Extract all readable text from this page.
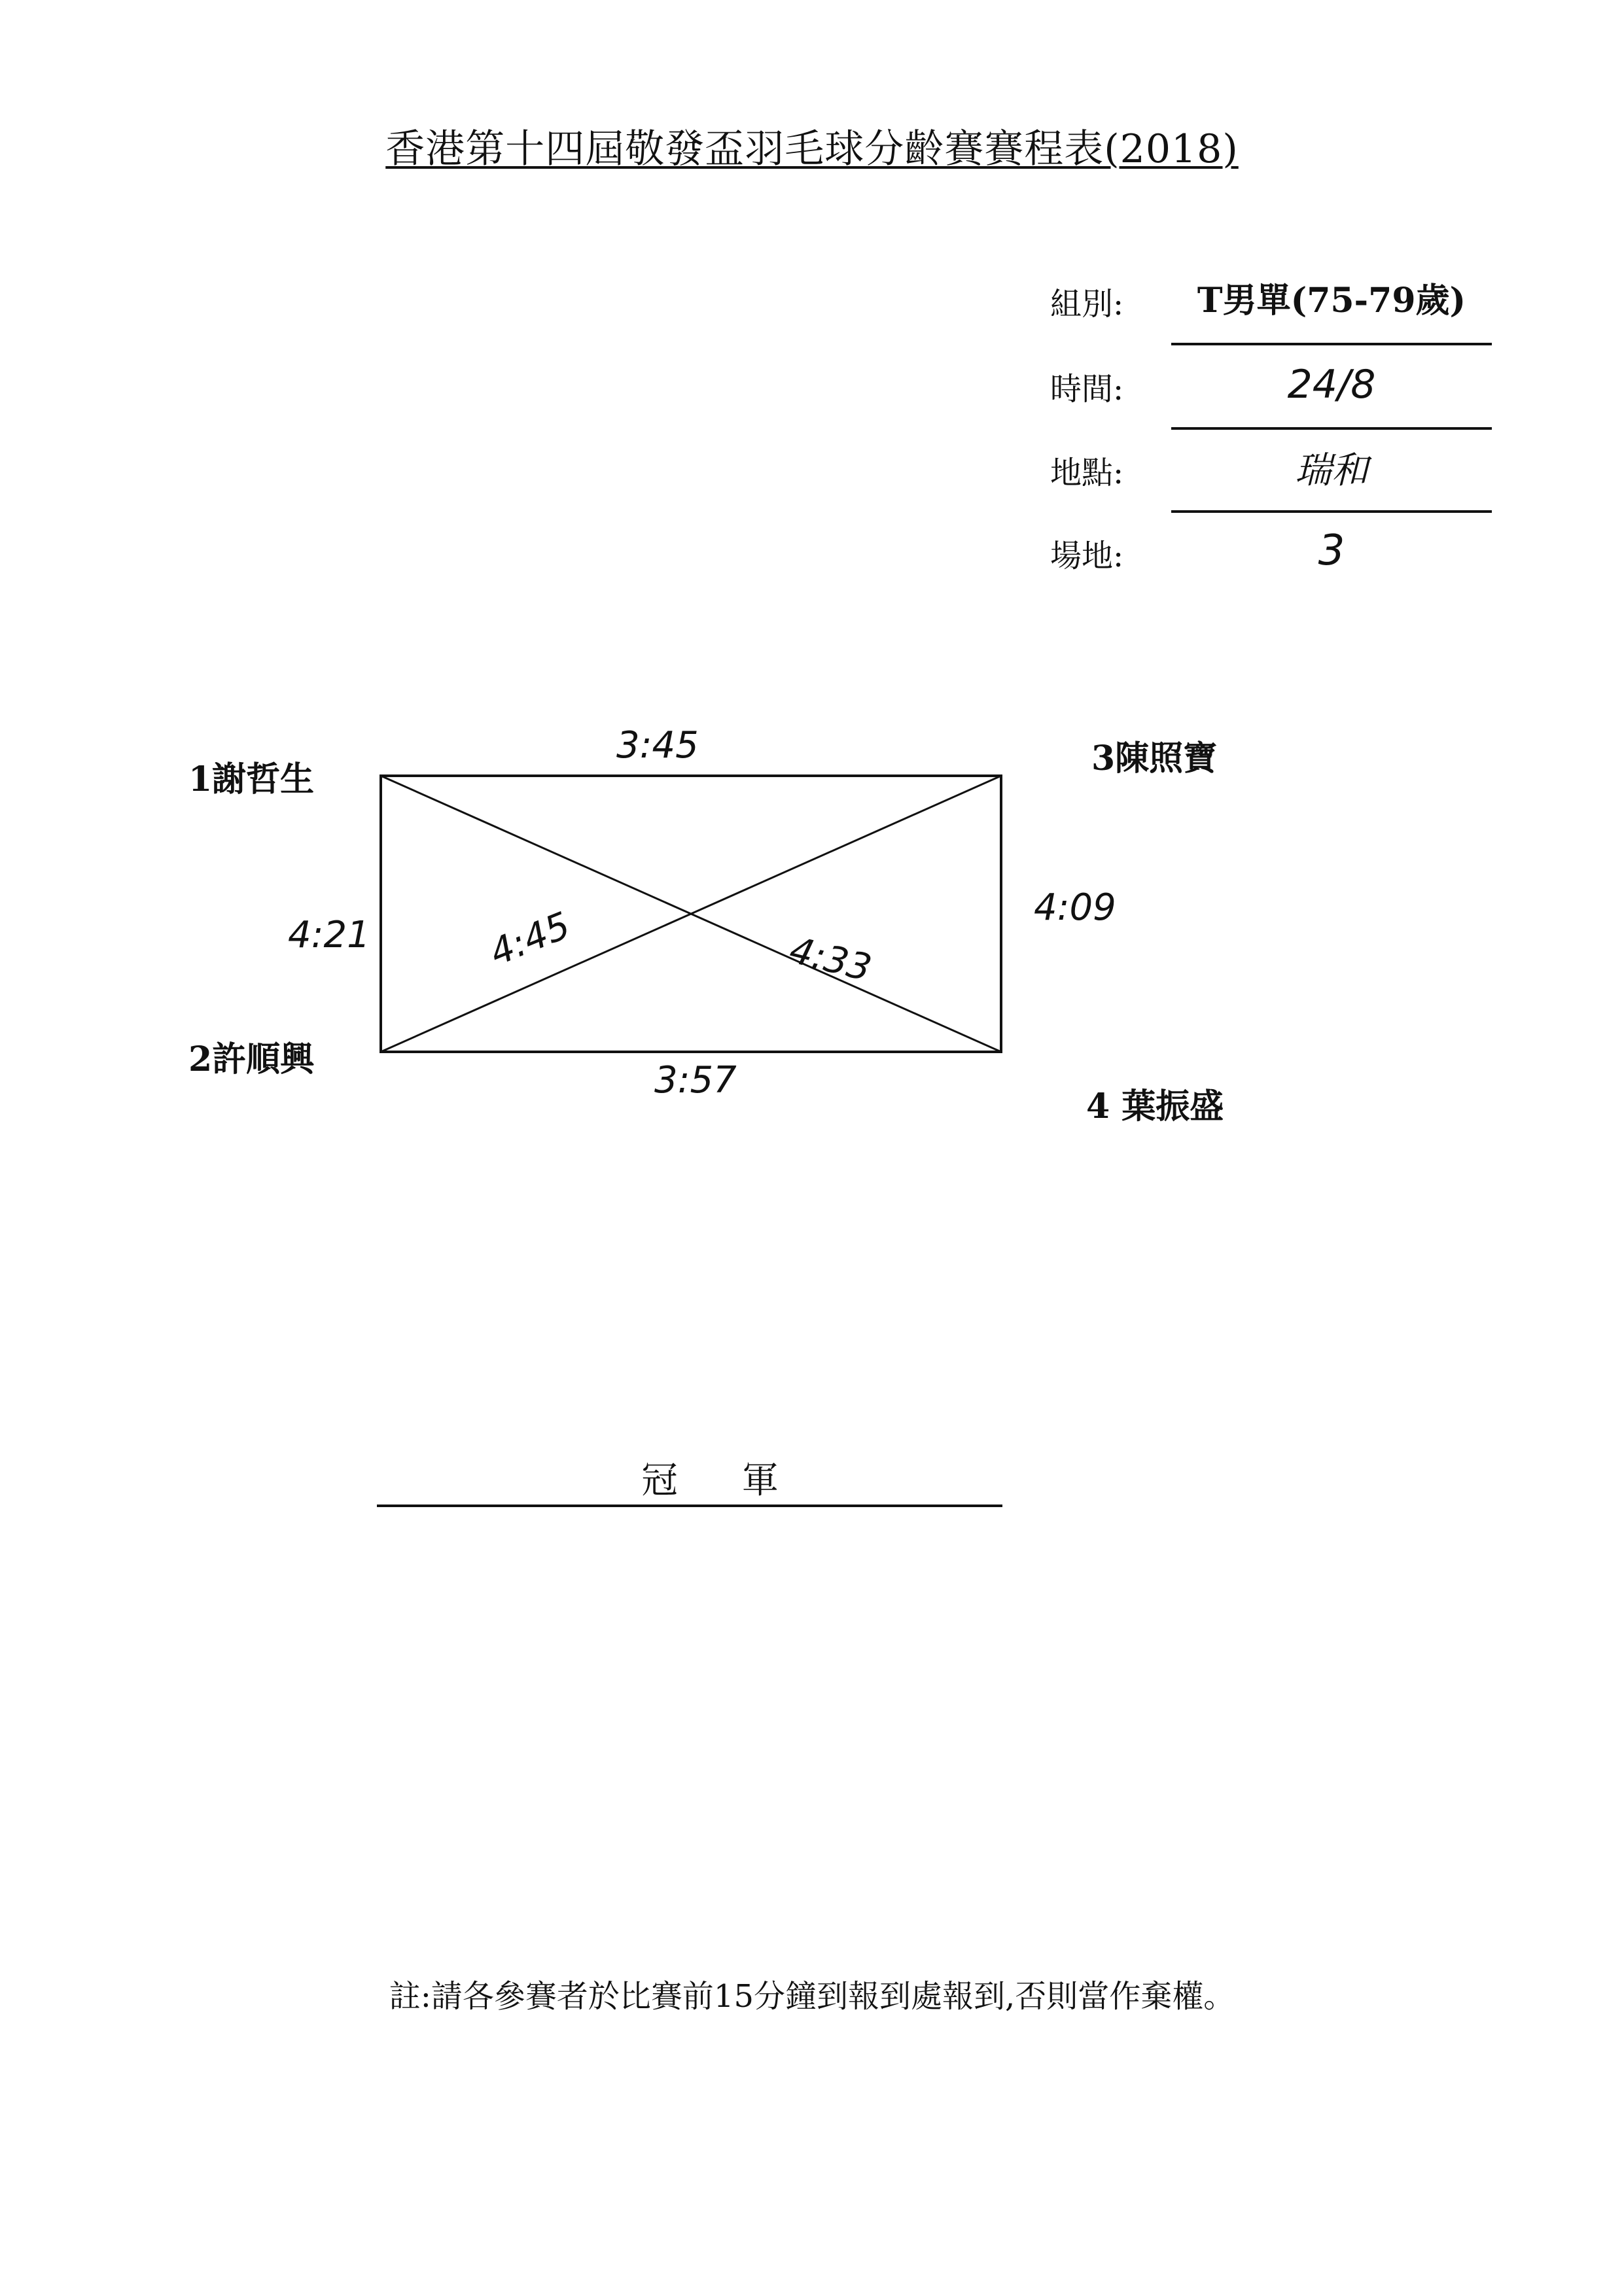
香港第十四屆敬發盃羽毛球分齡賽賽程表(2018)
組別:	T男單(75-79歲)
時間:	24/8
地點:	瑞和
場地:	3
1謝哲生
2許順興
3陳照寶
4 葉振盛
3:45
4:21
4:09
3:57
4:45	4:33
冠 軍
註:請各參賽者於比賽前15分鐘到報到處報到,否則當作棄權。
